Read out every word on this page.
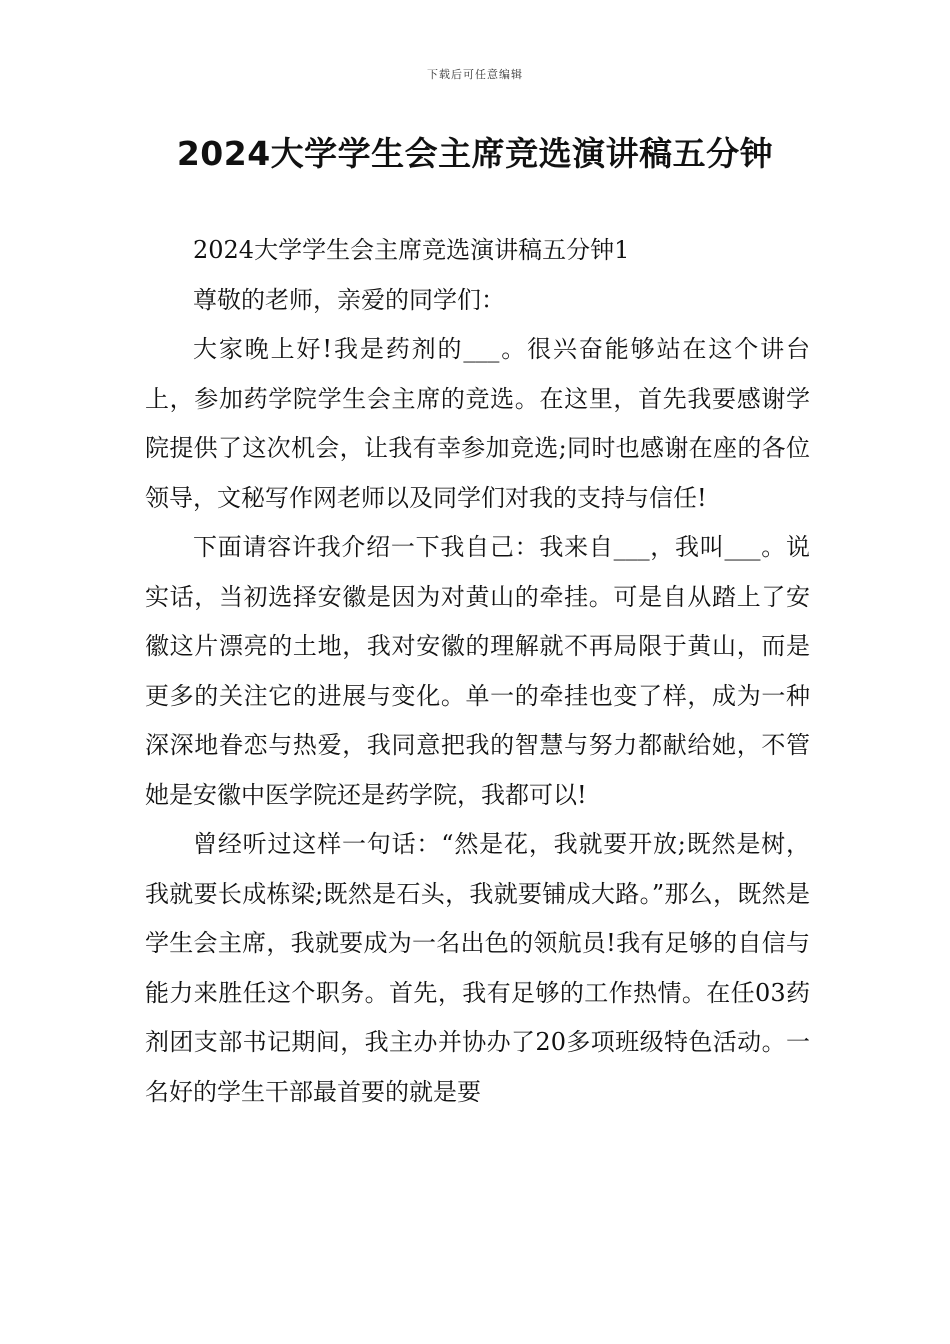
下载后可任意编辑
2024大学学生会主席竞选演讲稿五分钟

2024大学学生会主席竞选演讲稿五分钟1

尊敬的老师，亲爱的同学们：

大家晚上好!我是药剂的___。很兴奋能够站在这个讲台上，参加药学院学生会主席的竞选。在这里，首先我要感谢学院提供了这次机会，让我有幸参加竞选;同时也感谢在座的各位领导，文秘写作网老师以及同学们对我的支持与信任!

下面请容许我介绍一下我自己：我来自___，我叫___。说实话，当初选择安徽是因为对黄山的牵挂。可是自从踏上了安徽这片漂亮的土地，我对安徽的理解就不再局限于黄山，而是更多的关注它的进展与变化。单一的牵挂也变了样，成为一种深深地眷恋与热爱，我同意把我的智慧与努力都献给她，不管她是安徽中医学院还是药学院，我都可以!

曾经听过这样一句话：“然是花，我就要开放;既然是树，我就要长成栋梁;既然是石头，我就要铺成大路。”那么，既然是学生会主席，我就要成为一名出色的领航员!我有足够的自信与能力来胜任这个职务。首先，我有足够的工作热情。在任03药剂团支部书记期间，我主办并协办了20多项班级特色活动。一名好的学生干部最首要的就是要
